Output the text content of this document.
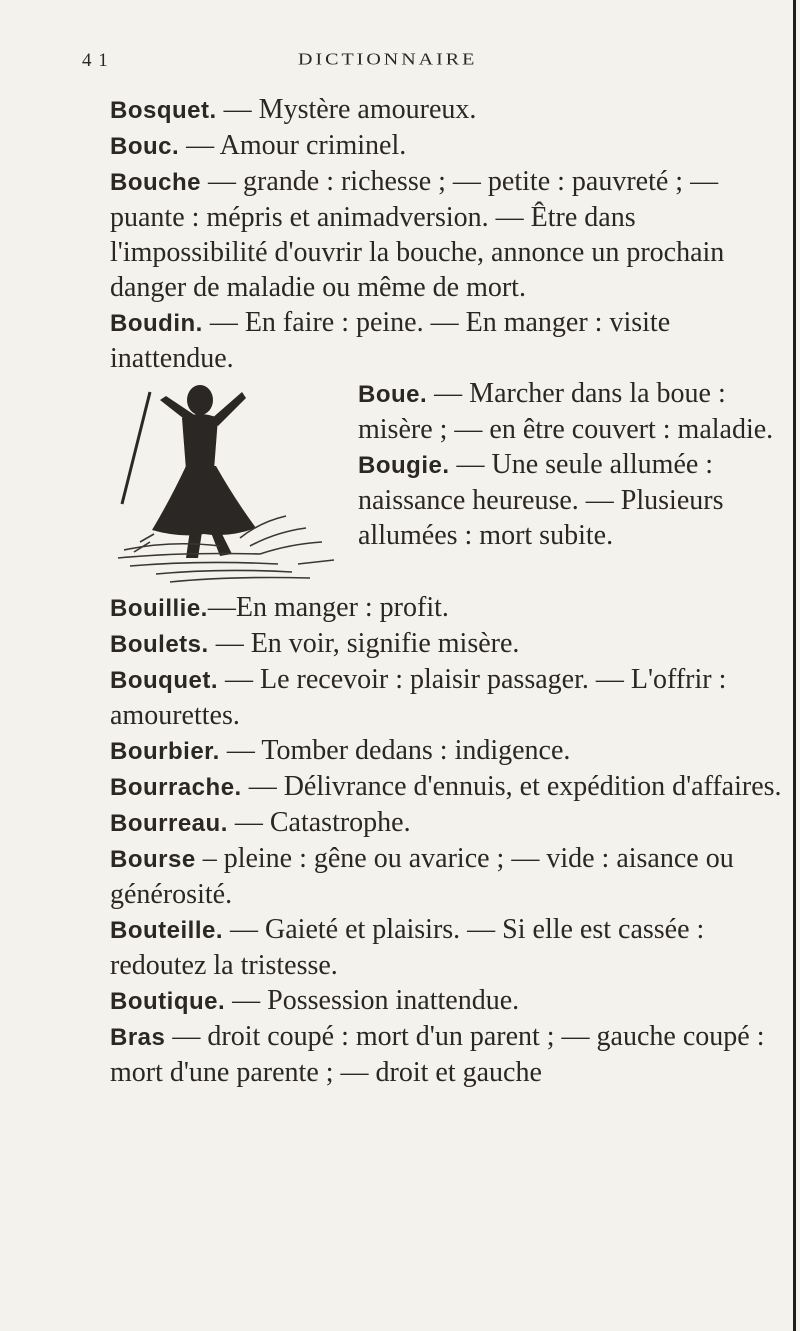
4 1	DICTIONNAIRE

Bosquet. — Mystère amoureux.

Bouc. — Amour criminel.

Bouche — grande : richesse ; — petite : pauvreté ; — puante : mépris et animadversion. — Être dans l'impossibilité d'ouvrir la bouche, annonce un prochain danger de maladie ou même de mort.

Boudin. — En faire : peine. — En manger : visite inattendue.

Boue. — Marcher dans la boue : misère ; — en être couvert : maladie.

Bougie. — Une seule allumée : naissance heureuse. — Plusieurs allumées : mort subite.

Bouillie.—En manger : profit.

Boulets. — En voir, signifie misère.

Bouquet. — Le recevoir : plaisir passager. — L'offrir : amourettes.

Bourbier. — Tomber dedans : indigence.

Bourrache. — Délivrance d'ennuis, et expédition d'affaires.

Bourreau. — Catastrophe.

Bourse – pleine : gêne ou avarice ; — vide : aisance ou générosité.

Bouteille. — Gaieté et plaisirs. — Si elle est cassée : redoutez la tristesse.

Boutique. — Possession inattendue.

Bras — droit coupé : mort d'un parent ; — gauche coupé : mort d'une parente ; — droit et gauche
